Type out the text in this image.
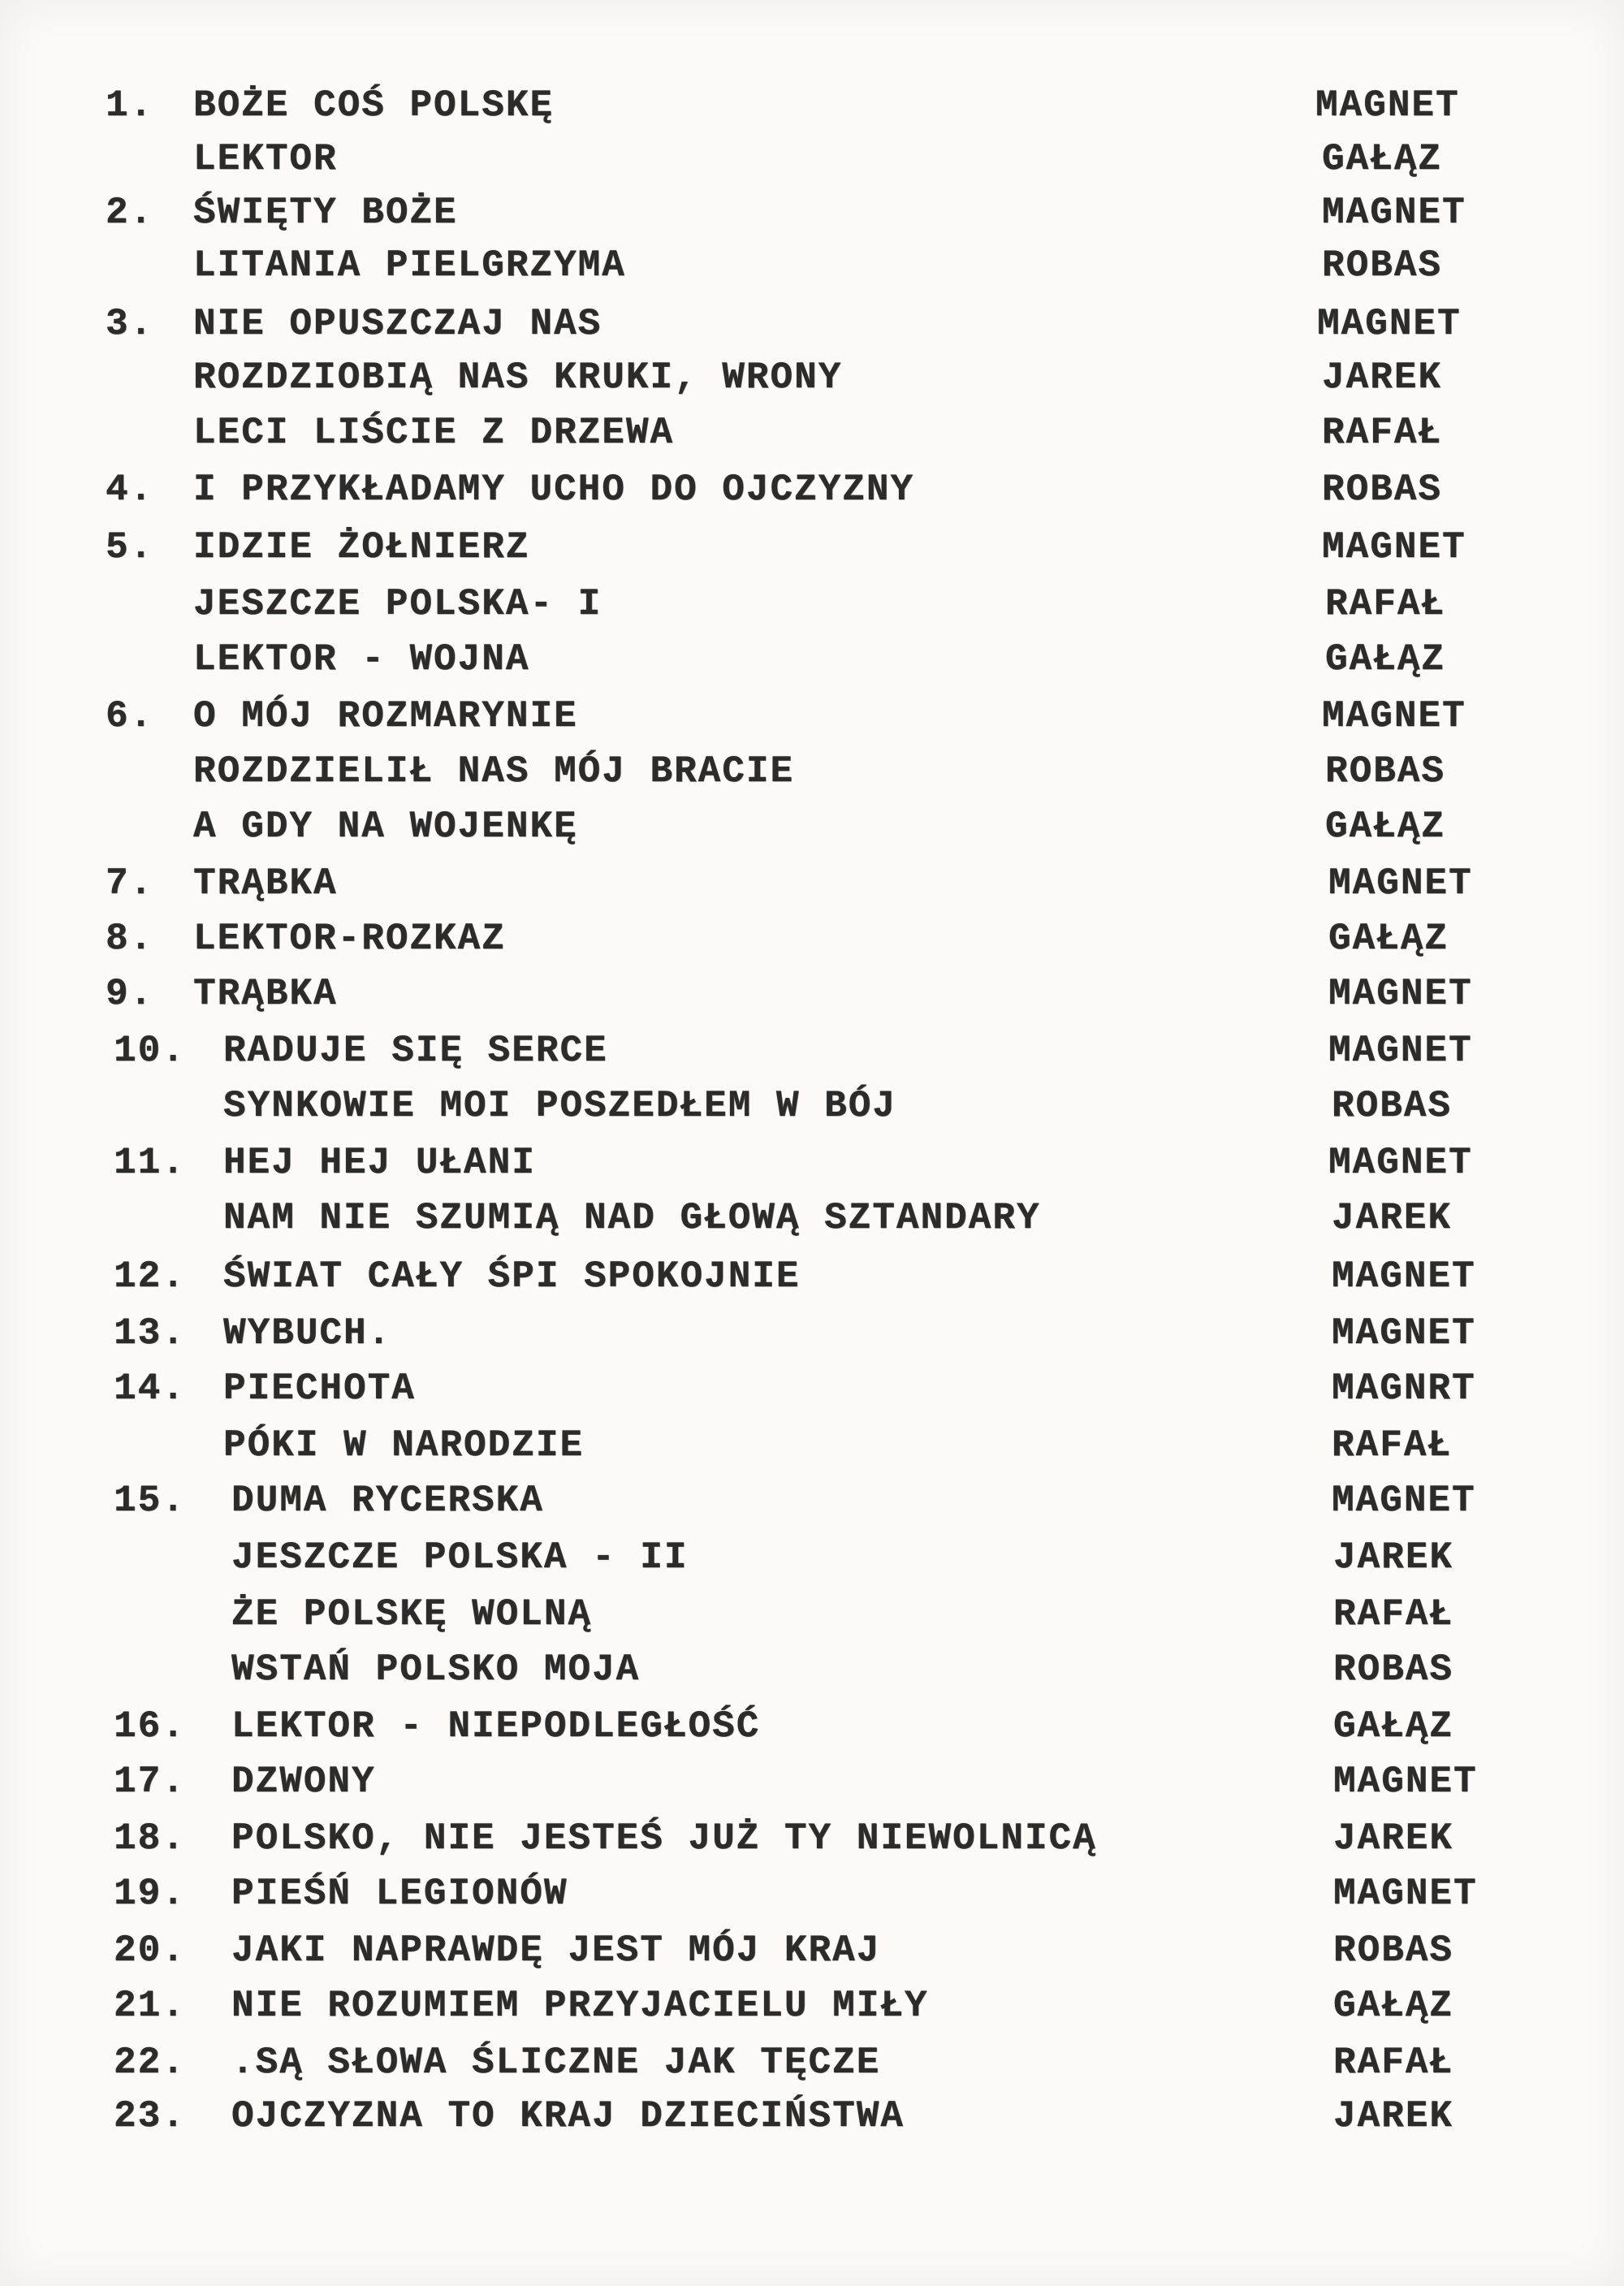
1. BOŻE COŚ POLSKĘ	MAGNET
LEKTOR	GAŁĄZ
2. ŚWIĘTY BOŻE	MAGNET
LITANIA PIELGRZYMA	ROBAS
3. NIE OPUSZCZAJ NAS	MAGNET
ROZDZIOBIĄ NAS KRUKI, WRONY	JAREK
LECI LIŚCIE Z DRZEWA	RAFAŁ
4. I PRZYKŁADAMY UCHO DO OJCZYZNY	ROBAS
5. IDZIE ŻOŁNIERZ	MAGNET
JESZCZE POLSKA- I	RAFAŁ
LEKTOR - WOJNA	GAŁĄZ
6. O MÓJ ROZMARYNIE	MAGNET
ROZDZIELIŁ NAS MÓJ BRACIE	ROBAS
A GDY NA WOJENKĘ	GAŁĄZ
7. TRĄBKA	MAGNET
8. LEKTOR-ROZKAZ	GAŁĄZ
9. TRĄBKA	MAGNET
10. RADUJE SIĘ SERCE	MAGNET
SYNKOWIE MOI POSZEDŁEM W BÓJ	ROBAS
11. HEJ HEJ UŁANI	MAGNET
NAM NIE SZUMIĄ NAD GŁOWĄ SZTANDARY	JAREK
12. ŚWIAT CAŁY ŚPI SPOKOJNIE	MAGNET
13. WYBUCH.	MAGNET
14. PIECHOTA	MAGNRT
PÓKI W NARODZIE	RAFAŁ
15. DUMA RYCERSKA	MAGNET
JESZCZE POLSKA - II	JAREK
ŻE POLSKĘ WOLNĄ	RAFAŁ
WSTAŃ POLSKO MOJA	ROBAS
16. LEKTOR - NIEPODLEGŁOŚĆ	GAŁĄZ
17. DZWONY	MAGNET
18. POLSKO, NIE JESTEŚ JUŻ TY NIEWOLNICĄ	JAREK
19. PIEŚŃ LEGIONÓW	MAGNET
20. JAKI NAPRAWDĘ JEST MÓJ KRAJ	ROBAS
21. NIE ROZUMIEM PRZYJACIELU MIŁY	GAŁĄZ
22. .SĄ SŁOWA ŚLICZNE JAK TĘCZE	RAFAŁ
23. OJCZYZNA TO KRAJ DZIECIŃSTWA	JAREK
